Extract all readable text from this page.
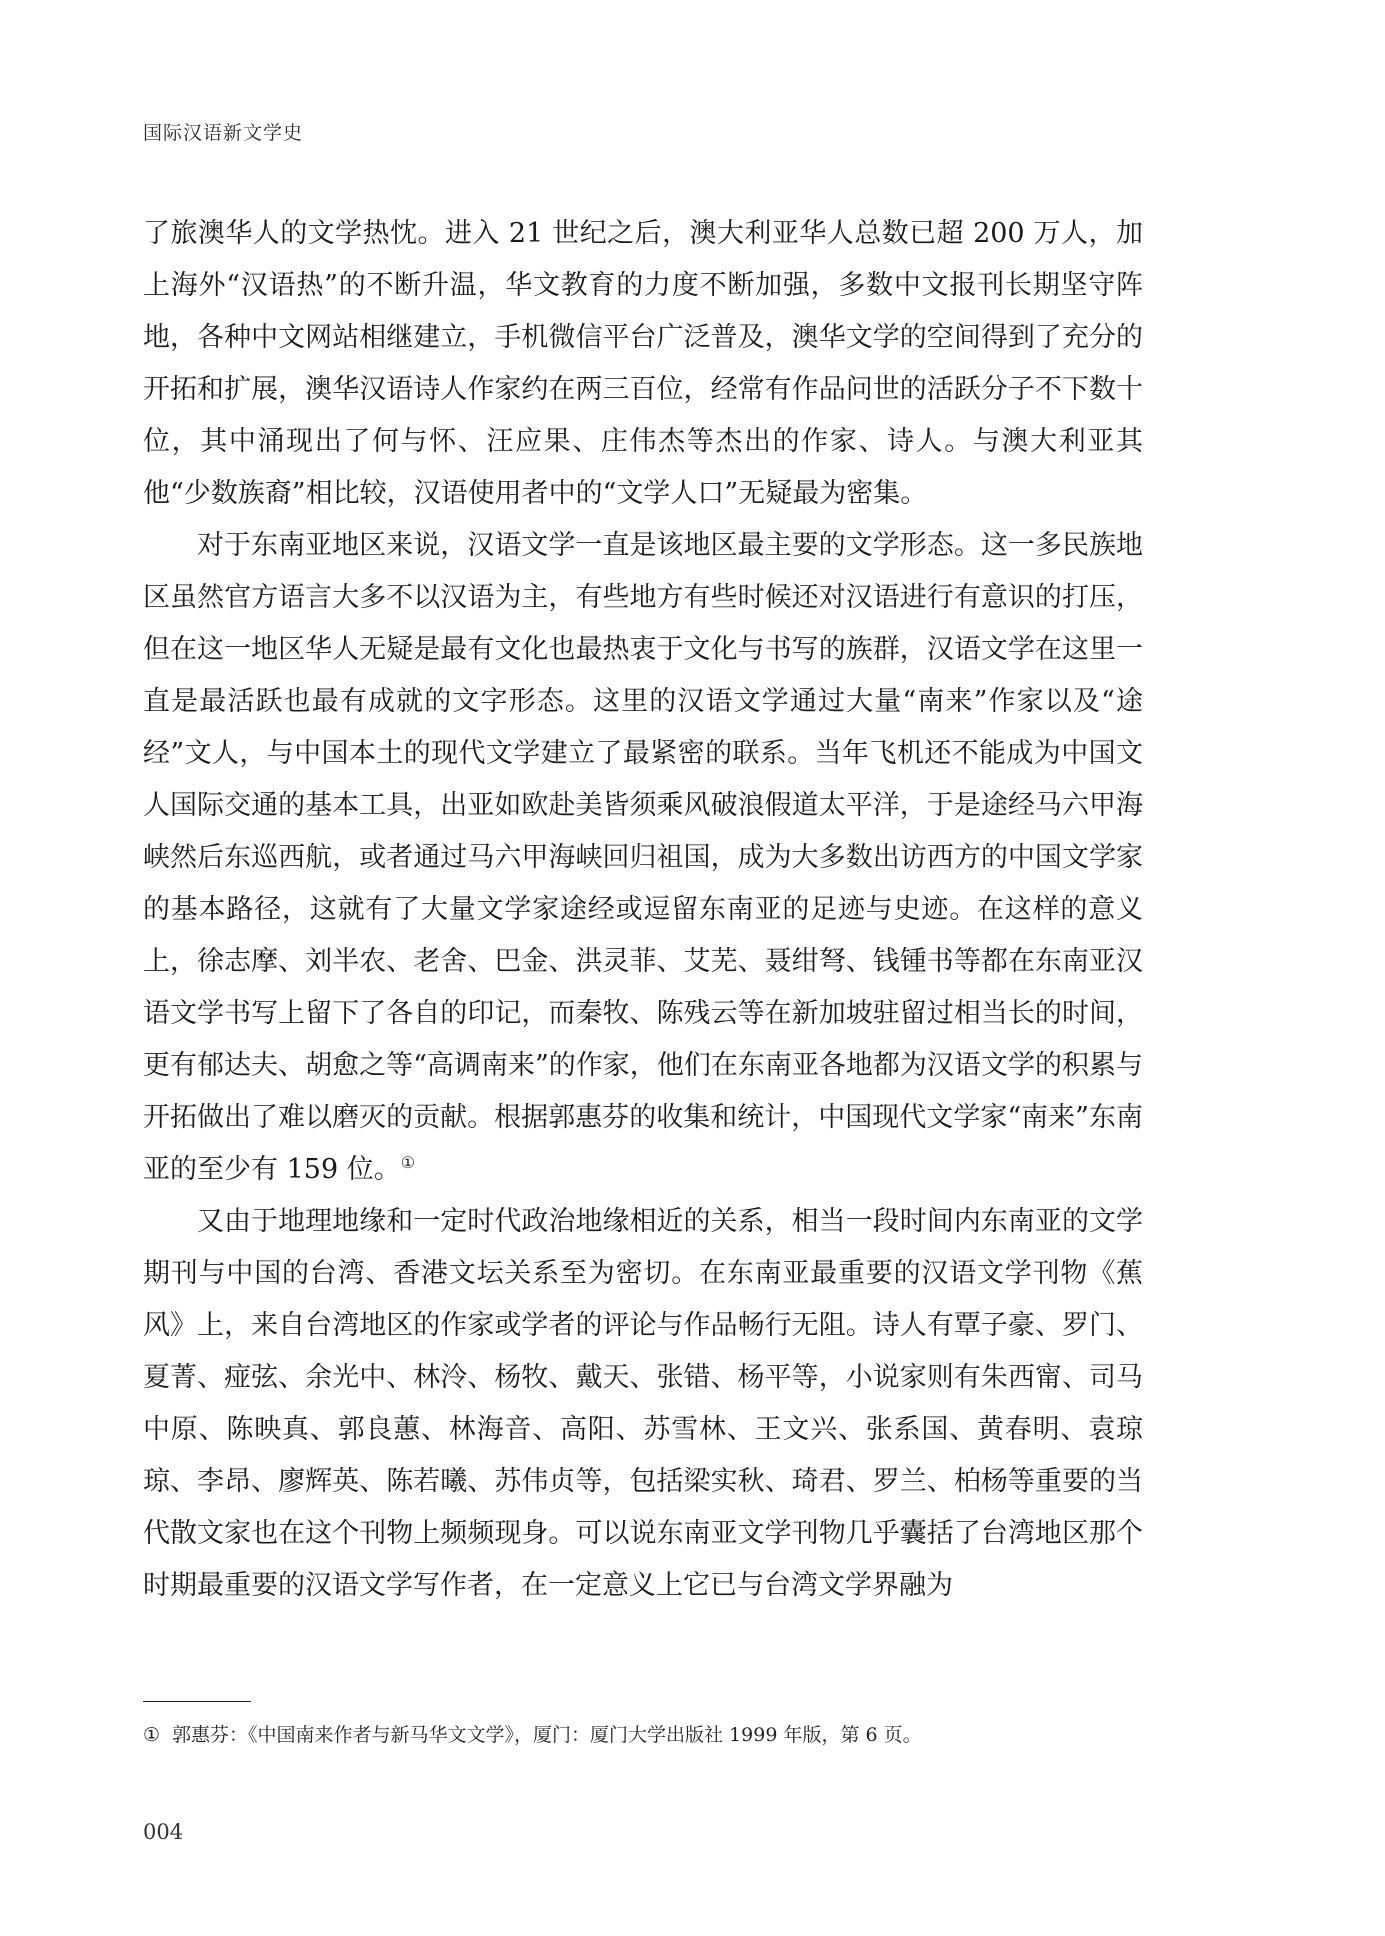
国际汉语新文学史

了旅澳华人的文学热忱。进入 21 世纪之后，澳大利亚华人总数已超 200 万人，加上海外“汉语热”的不断升温，华文教育的力度不断加强，多数中文报刊长期坚守阵地，各种中文网站相继建立，手机微信平台广泛普及，澳华文学的空间得到了充分的开拓和扩展，澳华汉语诗人作家约在两三百位，经常有作品问世的活跃分子不下数十位，其中涌现出了何与怀、汪应果、庄伟杰等杰出的作家、诗人。与澳大利亚其他“少数族裔”相比较，汉语使用者中的“文学人口”无疑最为密集。

对于东南亚地区来说，汉语文学一直是该地区最主要的文学形态。这一多民族地区虽然官方语言大多不以汉语为主，有些地方有些时候还对汉语进行有意识的打压，但在这一地区华人无疑是最有文化也最热衷于文化与书写的族群，汉语文学在这里一直是最活跃也最有成就的文字形态。这里的汉语文学通过大量“南来”作家以及“途经”文人，与中国本土的现代文学建立了最紧密的联系。当年飞机还不能成为中国文人国际交通的基本工具，出亚如欧赴美皆须乘风破浪假道太平洋，于是途经马六甲海峡然后东巡西航，或者通过马六甲海峡回归祖国，成为大多数出访西方的中国文学家的基本路径，这就有了大量文学家途经或逗留东南亚的足迹与史迹。在这样的意义上，徐志摩、刘半农、老舍、巴金、洪灵菲、艾芜、聂绀弩、钱锺书等都在东南亚汉语文学书写上留下了各自的印记，而秦牧、陈残云等在新加坡驻留过相当长的时间，更有郁达夫、胡愈之等“高调南来”的作家，他们在东南亚各地都为汉语文学的积累与开拓做出了难以磨灭的贡献。根据郭惠芬的收集和统计，中国现代文学家“南来”东南亚的至少有 159 位。①

又由于地理地缘和一定时代政治地缘相近的关系，相当一段时间内东南亚的文学期刊与中国的台湾、香港文坛关系至为密切。在东南亚最重要的汉语文学刊物《蕉风》上，来自台湾地区的作家或学者的评论与作品畅行无阻。诗人有覃子豪、罗门、夏菁、痖弦、余光中、林泠、杨牧、戴天、张错、杨平等，小说家则有朱西甯、司马中原、陈映真、郭良蕙、林海音、高阳、苏雪林、王文兴、张系国、黄春明、袁琼琼、李昂、廖辉英、陈若曦、苏伟贞等，包括梁实秋、琦君、罗兰、柏杨等重要的当代散文家也在这个刊物上频频现身。可以说东南亚文学刊物几乎囊括了台湾地区那个时期最重要的汉语文学写作者，在一定意义上它已与台湾文学界融为

① 郭惠芬：《中国南来作者与新马华文文学》，厦门：厦门大学出版社 1999 年版，第 6 页。
004
